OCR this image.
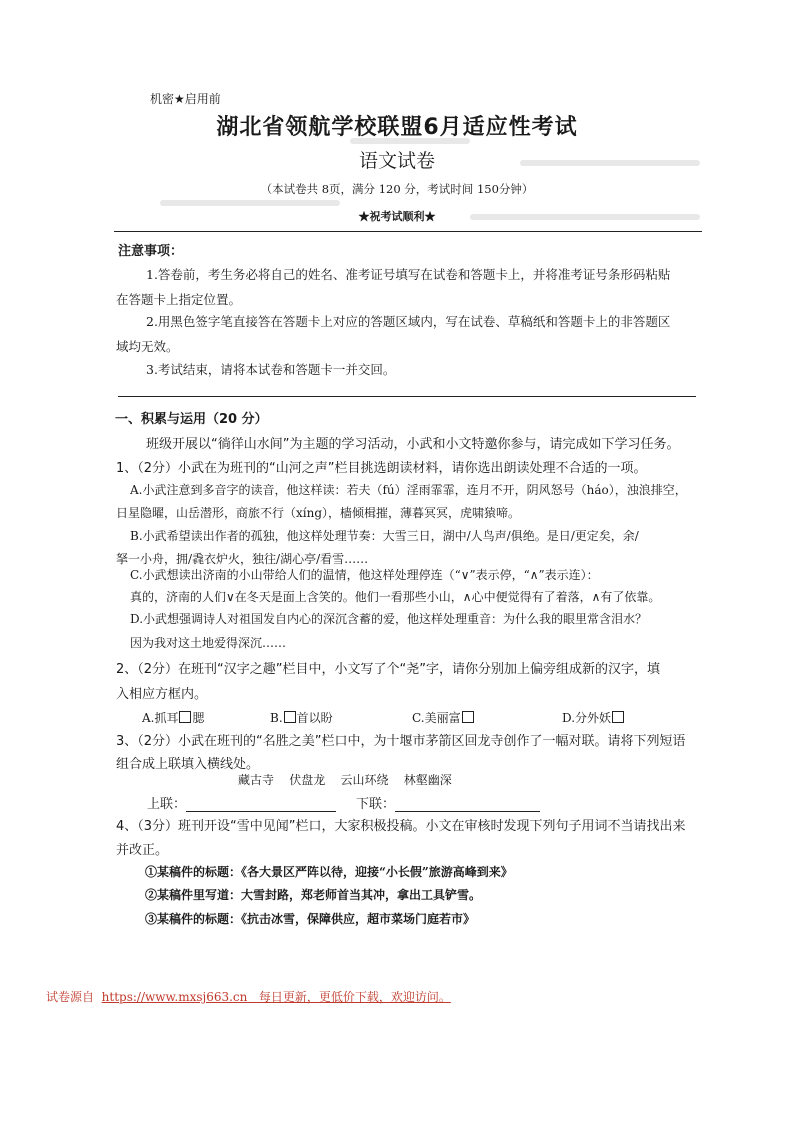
机密★启用前
湖北省领航学校联盟6月适应性考试
语文试卷
（本试卷共 8页，满分 120 分，考试时间 150分钟）
★祝考试顺利★
注意事项：
1.答卷前，考生务必将自己的姓名、准考证号填写在试卷和答题卡上，并将准考证号条形码粘贴
在答题卡上指定位置。
2.用黑色签字笔直接答在答题卡上对应的答题区域内，写在试卷、草稿纸和答题卡上的非答题区
域均无效。
3.考试结束，请将本试卷和答题卡一并交回。
一、积累与运用（20 分）
班级开展以“徜徉山水间”为主题的学习活动，小武和小文特邀你参与，请完成如下学习任务。
1、（2分）小武在为班刊的“山河之声”栏目挑选朗读材料，请你选出朗读处理不合适的一项。
A.小武注意到多音字的读音，他这样读：若夫（fú）淫雨霏霏，连月不开，阴风怒号（háo），浊浪排空，
日星隐曜，山岳潜形，商旅不行（xíng），樯倾楫摧，薄暮冥冥，虎啸猿啼。
B.小武希望读出作者的孤独，他这样处理节奏：大雪三日，湖中/人鸟声/俱绝。是日/更定矣，余/
拏一小舟，拥/毳衣炉火，独往/湖心亭/看雪……
C.小武想读出济南的小山带给人们的温情，他这样处理停连（“∨”表示停，“∧”表示连）：
真的，济南的人们∨在冬天是面上含笑的。他们一看那些小山，∧心中便觉得有了着落，∧有了依靠。
D.小武想强调诗人对祖国发自内心的深沉含蓄的爱，他这样处理重音：为什么我的眼里常含泪水？
因为我对这土地爱得深沉……
2、（2分）在班刊“汉字之趣”栏目中，小文写了个“尧”字，请你分别加上偏旁组成新的汉字，填
入相应方框内。
A.抓耳 腮	B. 首以盼	C.美丽富	D.分外妖
3、（2分）小武在班刊的“名胜之美”栏口中，为十堰市茅箭区回龙寺创作了一幅对联。请将下列短语
组合成上联填入横线处。
藏古寺    伏盘龙    云山环绕    林壑幽深
上联：	下联：
4、（3分）班刊开设“雪中见闻”栏口，大家积极投稿。小文在审核时发现下列句子用词不当请找出来
并改正。
①某稿件的标题：《各大景区严阵以待，迎接“小长假”旅游高峰到来》
②某稿件里写道：大雪封路，郑老师首当其冲，拿出工具铲雪。
③某稿件的标题：《抗击冰雪，保障供应，超市菜场门庭若市》
试卷源自  https://www.mxsj663.cn   每日更新，更低价下载，欢迎访问。
